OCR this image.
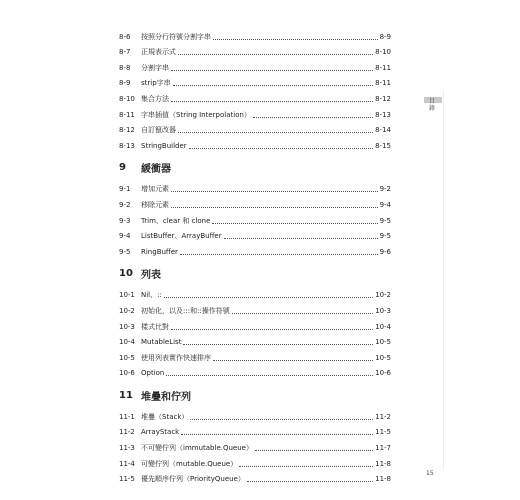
目錄
15
8-6	按照分行符號分割字串	8-9
8-7	正規表示式	8-10
8-8	分割字串	8-11
8-9	strip字串	8-11
8-10 集合方法	8-12
8-11 字串插值（String Interpolation）	8-13
8-12 自訂竄改器	8-14
8-13 StringBuilder	8-15
9	緩衝器
9-1	增加元素	9-2
9-2	移除元素	9-4
9-3	Trim、clear 和 clone	9-5
9-4	ListBuffer、ArrayBuffer	9-5
9-5	RingBuffer	9-6
10 列表
10-1 Nil、::	10-2
10-2 初始化，以及:::和::操作符號	10-3
10-3 樣式比對	10-4
10-4 MutableList	10-5
10-5 使用列表實作快速排序	10-5
10-6 Option	10-6
11 堆疊和佇列
11-1 堆疊（Stack）	11-2
11-2 ArrayStack	11-5
11-3 不可變佇列（immutable.Queue）	11-7
11-4 可變佇列（mutable.Queue）	11-8
11-5 優先順序佇列（PriorityQueue）	11-8
